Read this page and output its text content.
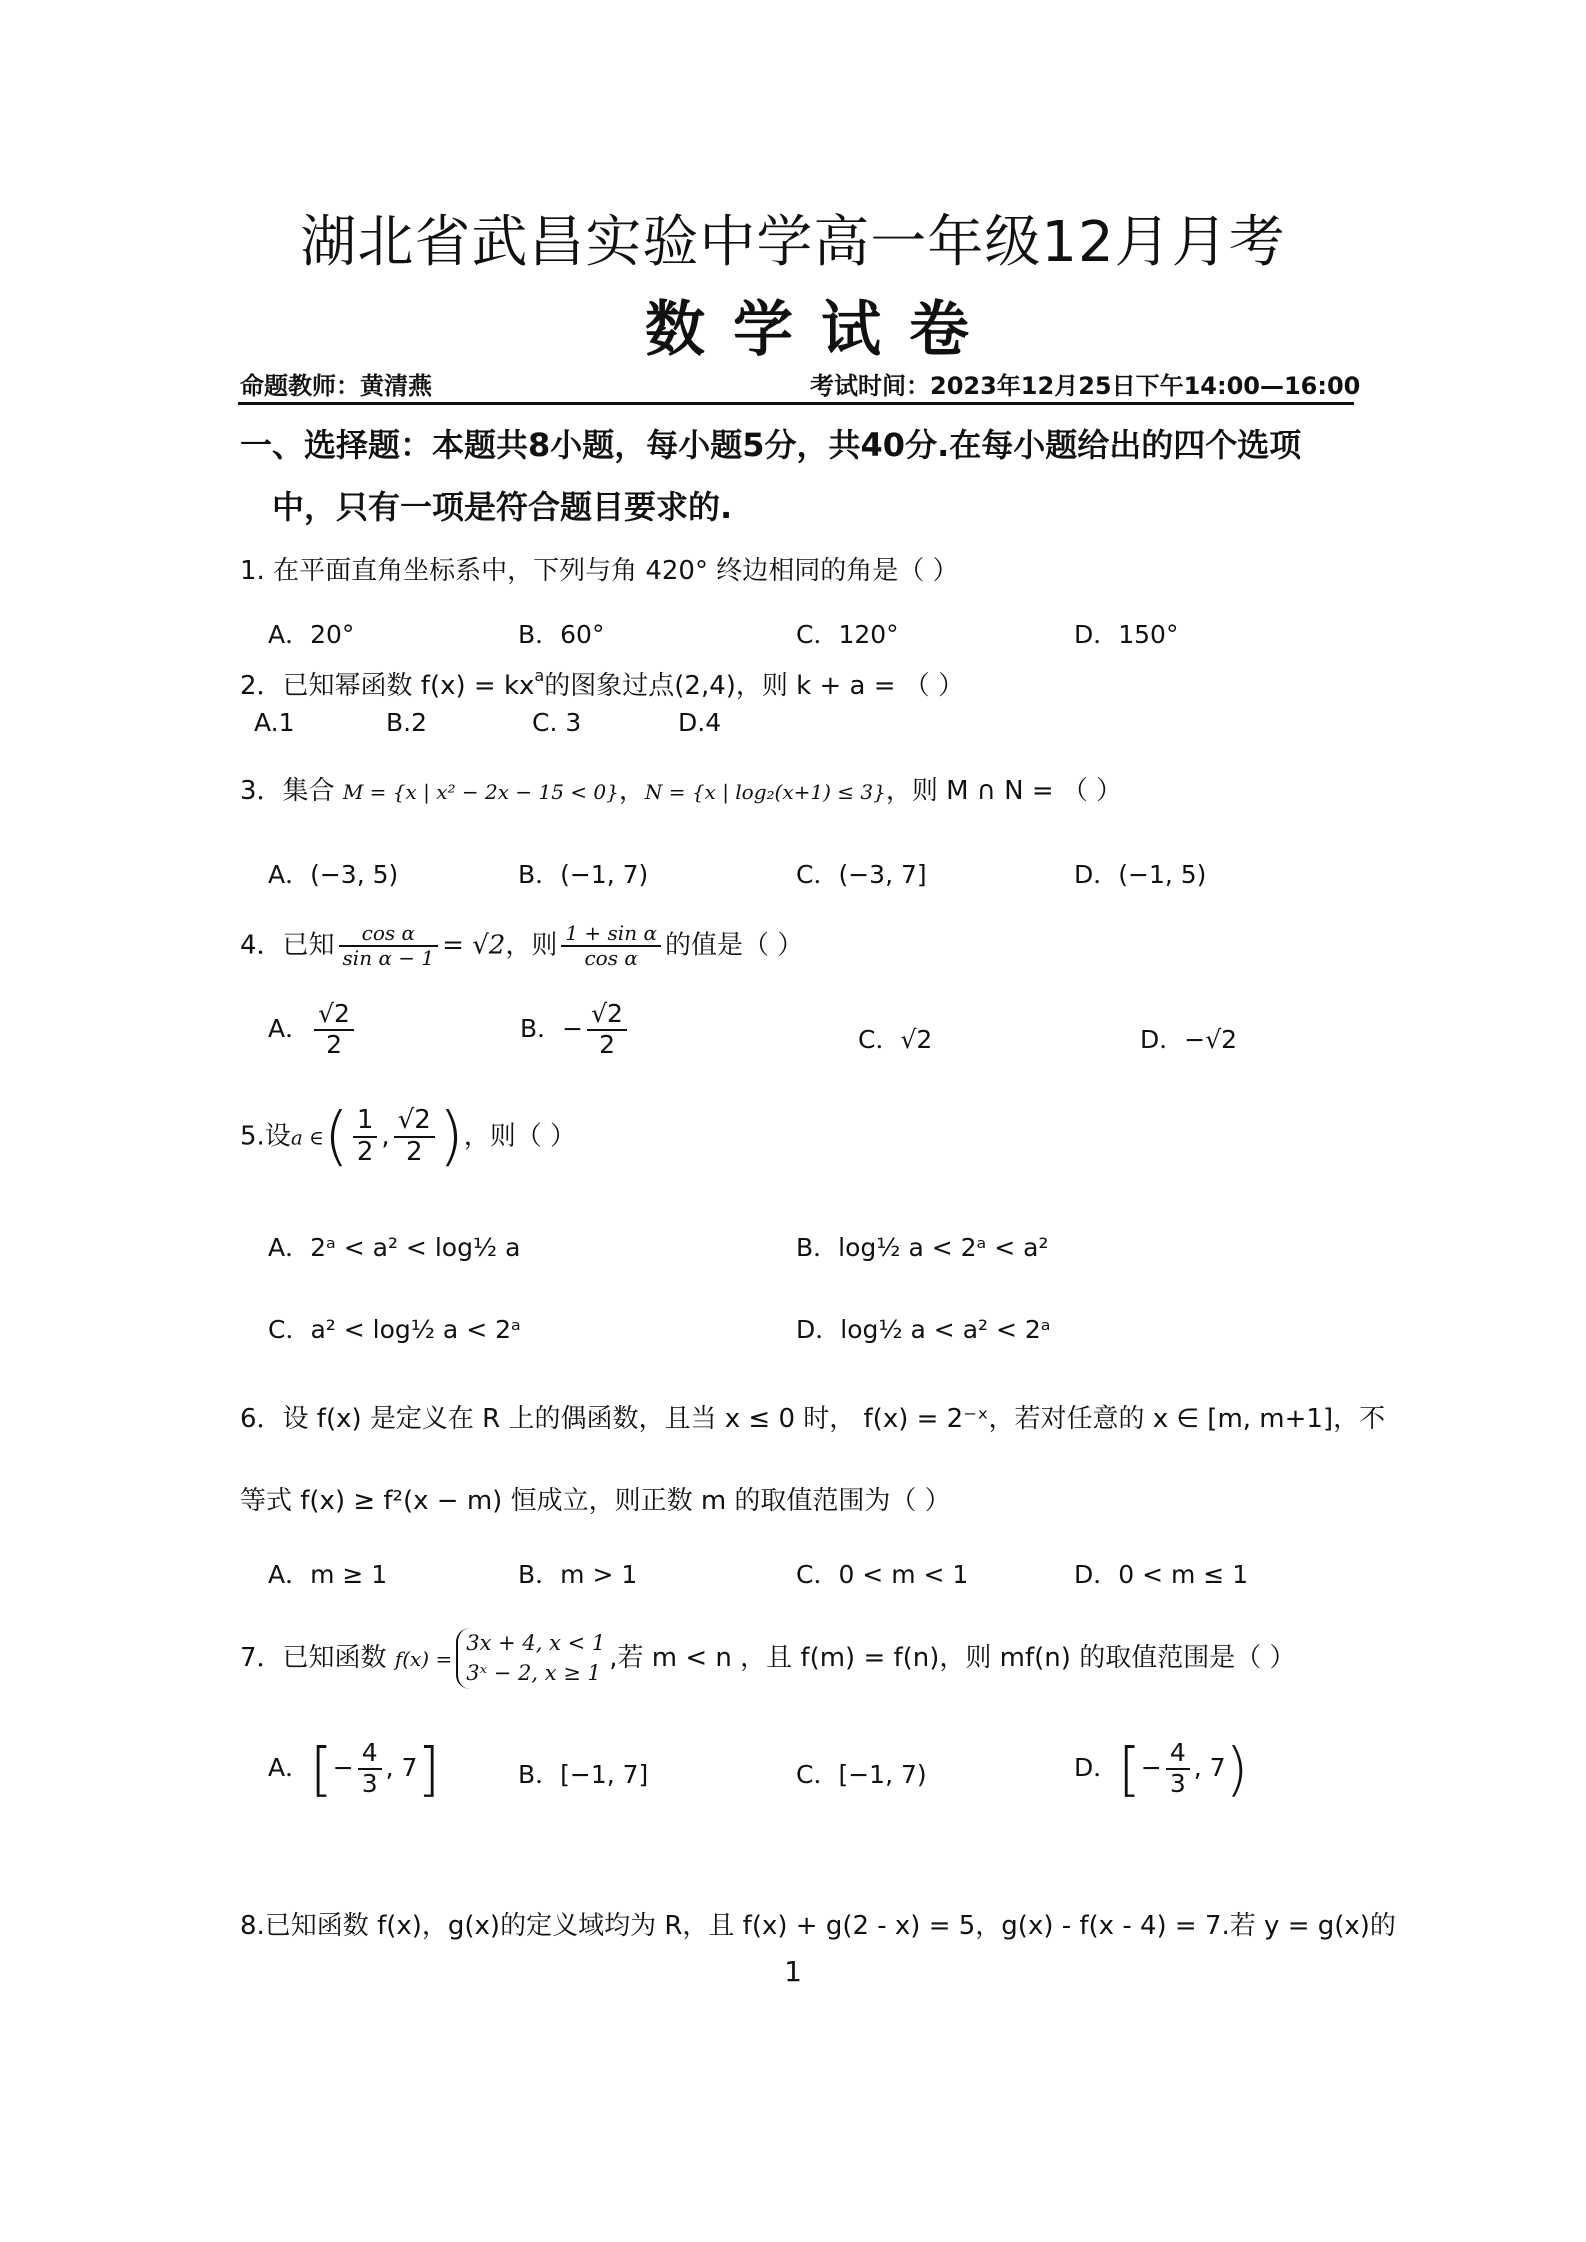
湖北省武昌实验中学高一年级12月月考
数学试卷
命题教师：黄清燕	考试时间：2023年12月25日下午14:00—16:00
一、选择题：本题共8小题，每小题5分，共40分.在每小题给出的四个选项
中，只有一项是符合题目要求的.
1. 在平面直角坐标系中，下列与角 420° 终边相同的角是（ ）
A．20°	B．60°	C．120°	D．150°
2．已知幂函数 $f(x) = kx^a$的图象过点(2,4)，则 k + a = （ ）
A.1	B.2	C. 3	D.4
3．集合 M = {x | x² − 2x − 15 < 0}，N = {x | log₂(x+1) ≤ 3}，则 M ∩ N = （ ）
A．(−3, 5)	B．(−1, 7)	C．(−3, 7]	D．(−1, 5)
4．已知 $\frac{\text{cos α}}{\text{sin α − 1}} = √2$，则 $\frac{\text{1 + sin α}}{\text{cos α}}$ 的值是（ ）
A． $\frac{√2}{2}$	B．− $\frac{√2}{2}$	C．√2	D．−√2
5.设a ∈( $\frac{1}{2}$ , $\frac{√2}{2}$ )，则（ ）
A．2ᵃ < a² < log½ a	B．log½ a < 2ᵃ < a²
C．a² < log½ a < 2ᵃ	D．log½ a < a² < 2ᵃ
6．设 f(x) 是定义在 R 上的偶函数，且当 x ≤ 0 时， f(x) = 2⁻ˣ，若对任意的 x ∈ [m, m+1]，不
等式 f(x) ≥ f²(x − m) 恒成立，则正数 m 的取值范围为（ ）
A．m ≥ 1	B．m > 1	C．0 < m < 1	D．0 < m ≤ 1
7．已知函数 f(x) =
3x + 4, x < 1
3ˣ − 2, x ≥ 1
,若 m < n ，且 f(m) = f(n)，则 mf(n) 的取值范围是（ ）
A．[− $\frac{4}{3}$ , 7]	B．[−1, 7]	C．[−1, 7)	D．[− $\frac{4}{3}$ , 7)
8.已知函数 f(x)，g(x)的定义域均为 R，且 f(x) + g(2 - x) = 5，g(x) - f(x - 4) = 7.若 y = g(x)的
1
